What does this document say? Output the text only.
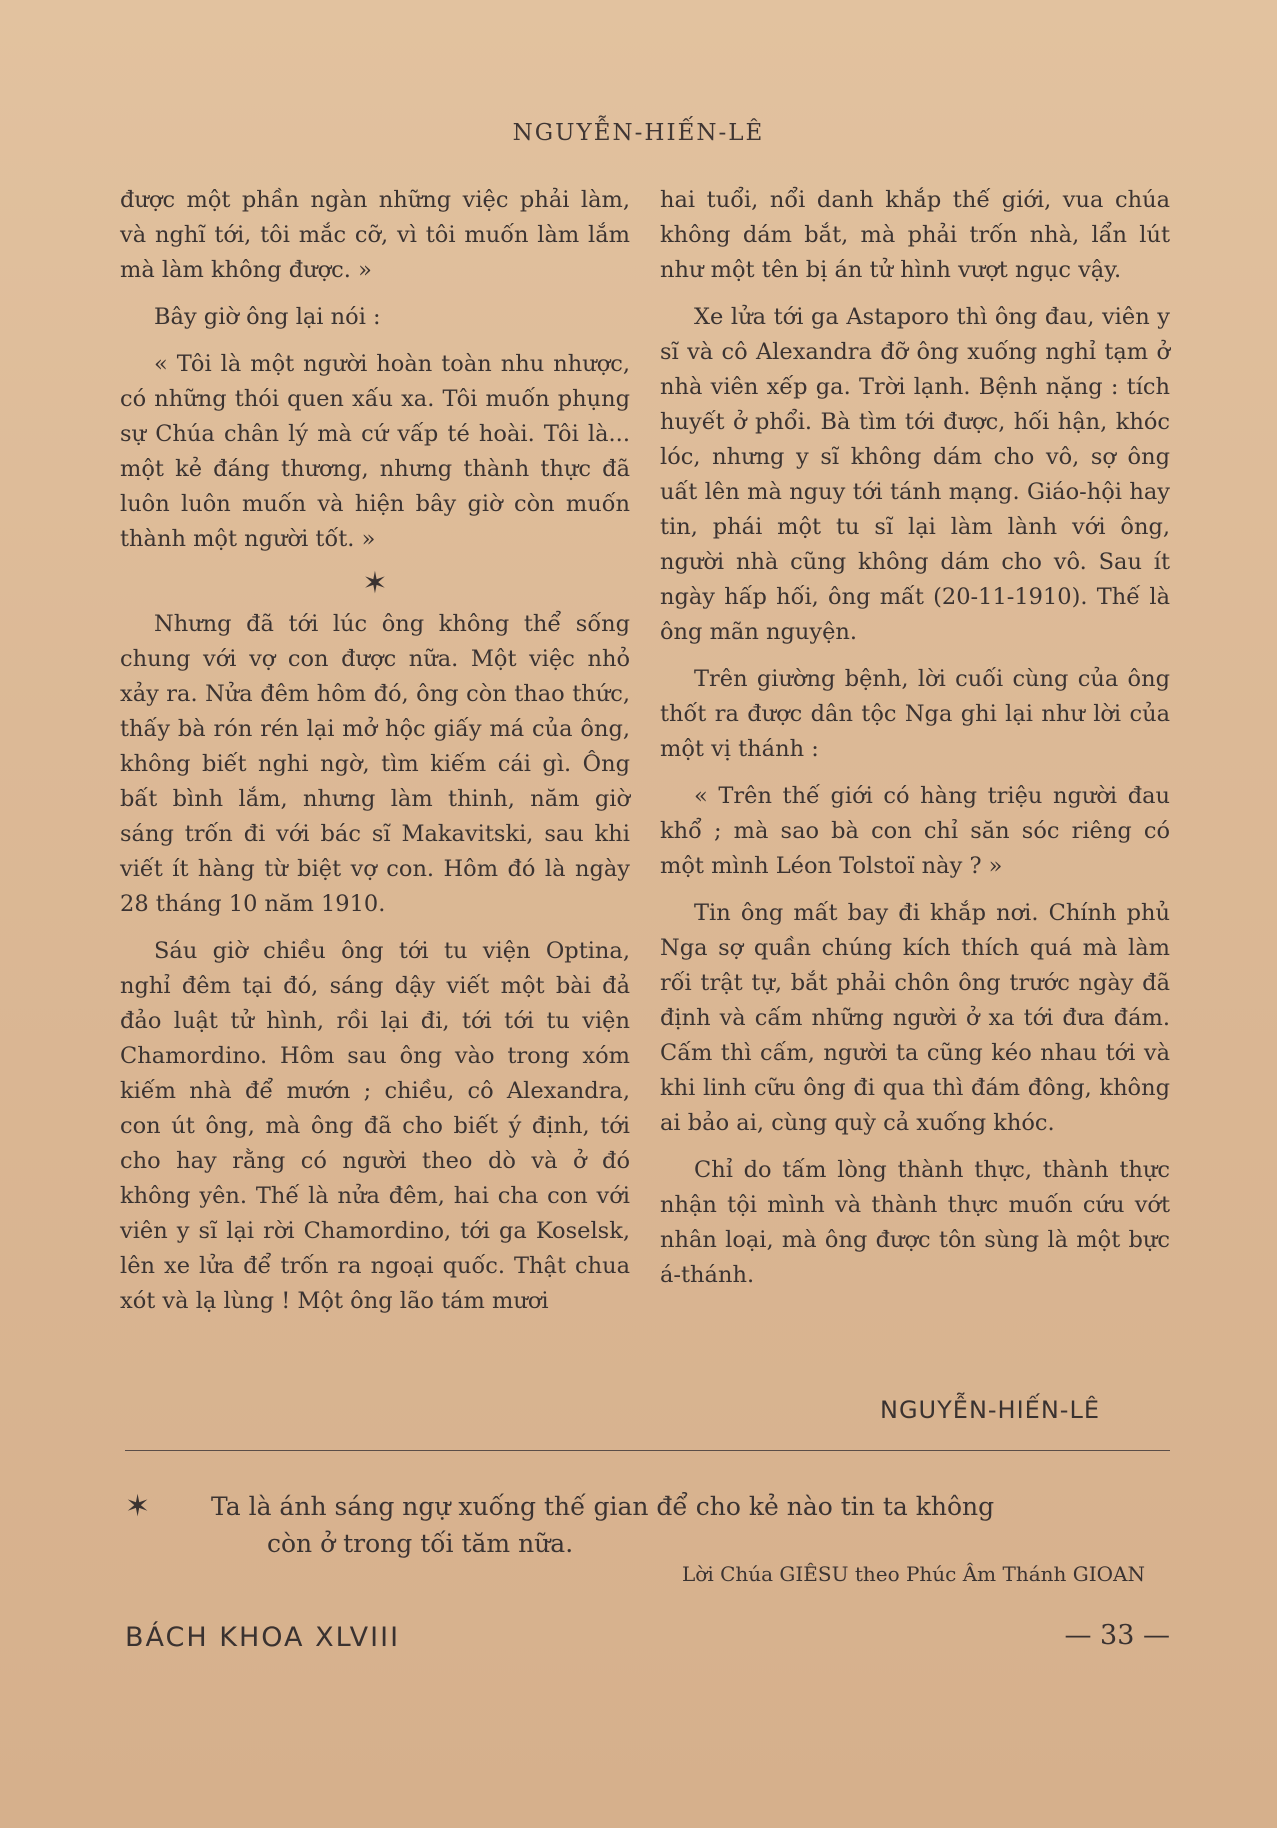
NGUYỄN-HIẾN-LÊ

được một phần ngàn những việc phải làm, và nghĩ tới, tôi mắc cỡ, vì tôi muốn làm lắm mà làm không được. »

Bây giờ ông lại nói :

« Tôi là một người hoàn toàn nhu nhược, có những thói quen xấu xa. Tôi muốn phụng sự Chúa chân lý mà cứ vấp té hoài. Tôi là... một kẻ đáng thương, nhưng thành thực đã luôn luôn muốn và hiện bây giờ còn muốn thành một người tốt. »

✶

Nhưng đã tới lúc ông không thể sống chung với vợ con được nữa. Một việc nhỏ xảy ra. Nửa đêm hôm đó, ông còn thao thức, thấy bà rón rén lại mở hộc giấy má của ông, không biết nghi ngờ, tìm kiếm cái gì. Ông bất bình lắm, nhưng làm thinh, năm giờ sáng trốn đi với bác sĩ Makavitski, sau khi viết ít hàng từ biệt vợ con. Hôm đó là ngày 28 tháng 10 năm 1910.

Sáu giờ chiều ông tới tu viện Optina, nghỉ đêm tại đó, sáng dậy viết một bài đả đảo luật tử hình, rồi lại đi, tới tới tu viện Chamordino. Hôm sau ông vào trong xóm kiếm nhà để mướn ; chiều, cô Alexandra, con út ông, mà ông đã cho biết ý định, tới cho hay rằng có người theo dò và ở đó không yên. Thế là nửa đêm, hai cha con với viên y sĩ lại rời Chamordino, tới ga Koselsk, lên xe lửa để trốn ra ngoại quốc. Thật chua xót và lạ lùng ! Một ông lão tám mươi

hai tuổi, nổi danh khắp thế giới, vua chúa không dám bắt, mà phải trốn nhà, lẩn lút như một tên bị án tử hình vượt ngục vậy.

Xe lửa tới ga Astaporo thì ông đau, viên y sĩ và cô Alexandra đỡ ông xuống nghỉ tạm ở nhà viên xếp ga. Trời lạnh. Bệnh nặng : tích huyết ở phổi. Bà tìm tới được, hối hận, khóc lóc, nhưng y sĩ không dám cho vô, sợ ông uất lên mà nguy tới tánh mạng. Giáo-hội hay tin, phái một tu sĩ lại làm lành với ông, người nhà cũng không dám cho vô. Sau ít ngày hấp hối, ông mất (20-11-1910). Thế là ông mãn nguyện.

Trên giường bệnh, lời cuối cùng của ông thốt ra được dân tộc Nga ghi lại như lời của một vị thánh :

« Trên thế giới có hàng triệu người đau khổ ; mà sao bà con chỉ săn sóc riêng có một mình Léon Tolstoï này ? »

Tin ông mất bay đi khắp nơi. Chính phủ Nga sợ quần chúng kích thích quá mà làm rối trật tự, bắt phải chôn ông trước ngày đã định và cấm những người ở xa tới đưa đám. Cấm thì cấm, người ta cũng kéo nhau tới và khi linh cữu ông đi qua thì đám đông, không ai bảo ai, cùng quỳ cả xuống khóc.

Chỉ do tấm lòng thành thực, thành thực nhận tội mình và thành thực muốn cứu vớt nhân loại, mà ông được tôn sùng là một bực á-thánh.

NGUYỄN-HIẾN-LÊ
✶ Ta là ánh sáng ngự xuống thế gian để cho kẻ nào tin ta không
còn ở trong tối tăm nữa.
Lời Chúa GIÊSU theo Phúc Âm Thánh GIOAN
BÁCH KHOA XLVIII	— 33 —
